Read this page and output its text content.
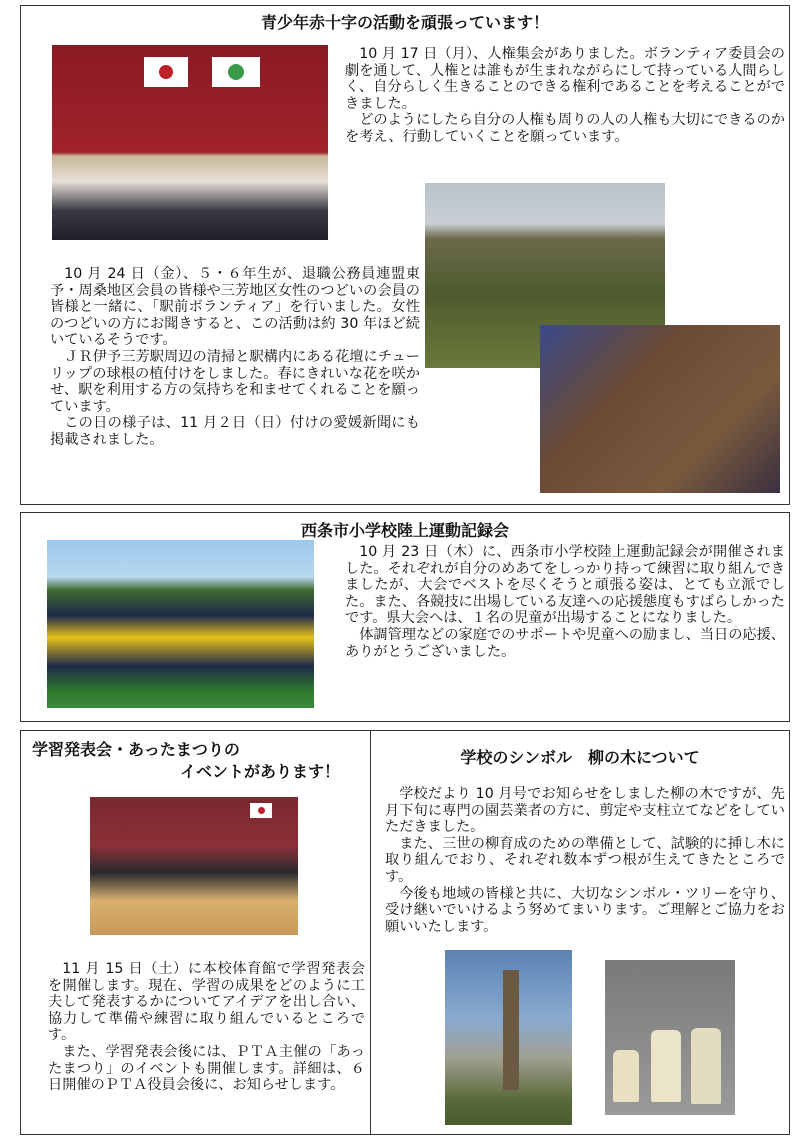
青少年赤十字の活動を頑張っています！

10 月 17 日（月）、人権集会がありました。ボランティア委員会の劇を通して、人権とは誰もが生まれながらにして持っている人間らしく、自分らしく生きることのできる権利であることを考えることができました。

どのようにしたら自分の人権も周りの人の人権も大切にできるのかを考え、行動していくことを願っています。

10 月 24 日（金）、５・６年生が、退職公務員連盟東予・周桑地区会員の皆様や三芳地区女性のつどいの会員の皆様と一緒に、「駅前ボランティア」を行いました。女性のつどいの方にお聞きすると、この活動は約 30 年ほど続いているそうです。

ＪＲ伊予三芳駅周辺の清掃と駅構内にある花壇にチューリップの球根の植付けをしました。春にきれいな花を咲かせ、駅を利用する方の気持ちを和ませてくれることを願っています。

この日の様子は、11 月２日（日）付けの愛媛新聞にも掲載されました。

西条市小学校陸上運動記録会

10 月 23 日（木）に、西条市小学校陸上運動記録会が開催されました。それぞれが自分のめあてをしっかり持って練習に取り組んできましたが、大会でベストを尽くそうと頑張る姿は、とても立派でした。また、各競技に出場している友達への応援態度もすばらしかったです。県大会へは、１名の児童が出場することになりました。

体調管理などの家庭でのサポートや児童への励まし、当日の応援、ありがとうございました。

学習発表会・あったまつりの
イベントがあります！

11 月 15 日（土）に本校体育館で学習発表会を開催します。現在、学習の成果をどのように工夫して発表するかについてアイデアを出し合い、協力して準備や練習に取り組んでいるところです。

また、学習発表会後には、ＰＴＡ主催の「あったまつり」のイベントも開催します。詳細は、６日開催のＰＴＡ役員会後に、お知らせします。

学校のシンボル　柳の木について

学校だより 10 月号でお知らせをしました柳の木ですが、先月下旬に専門の園芸業者の方に、剪定や支柱立てなどをしていただきました。

また、三世の柳育成のための準備として、試験的に挿し木に取り組んでおり、それぞれ数本ずつ根が生えてきたところです。

今後も地域の皆様と共に、大切なシンボル・ツリーを守り、受け継いでいけるよう努めてまいります。ご理解とご協力をお願いいたします。
